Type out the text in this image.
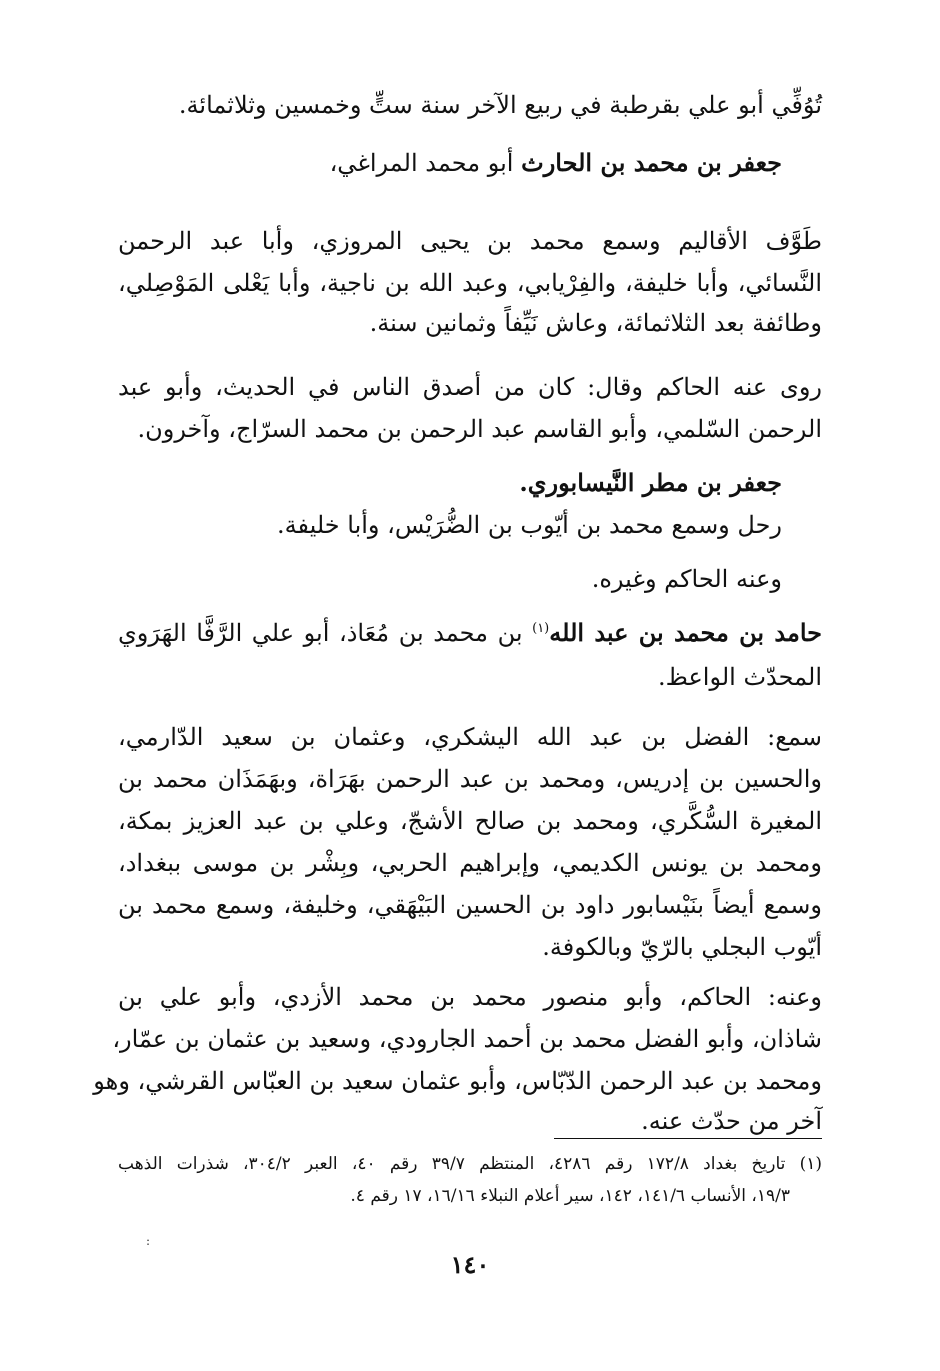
تُوُفِّي أبو علي بقرطبة في ربيع الآخر سنة ستٍّ وخمسين وثلاثمائة.
جعفر بن محمد بن الحارث أبو محمد المراغي،
طَوَّف الأقاليم وسمع محمد بن يحيى المروزي، وأبا عبد الرحمن
النَّسائي، وأبا خليفة، والفِرْيابي، وعبد الله بن ناجية، وأبا يَعْلى المَوْصِلي،
وطائفة بعد الثلاثمائة، وعاش نَيِّفاً وثمانين سنة.
روى عنه الحاكم وقال: كان من أصدق الناس في الحديث، وأبو عبد
الرحمن السّلمي، وأبو القاسم عبد الرحمن بن محمد السرّاج، وآخرون.
جعفر بن مطر النَّيسابوري.
رحل وسمع محمد بن أيّوب بن الضُّرَيْس، وأبا خليفة.
وعنه الحاكم وغيره.
حامد بن محمد بن عبد الله$^{(١)}$ بن محمد بن مُعَاذ، أبو علي الرَّفَّا الهَرَوي
المحدّث الواعظ.
سمع: الفضل بن عبد الله اليشكري، وعثمان بن سعيد الدّارمي،
والحسين بن إدريس، ومحمد بن عبد الرحمن بهَرَاة، وبهَمَذَان محمد بن
المغيرة السُّكَّري، ومحمد بن صالح الأشجّ، وعلي بن عبد العزيز بمكة،
ومحمد بن يونس الكديمي، وإبراهيم الحربي، وبِشْر بن موسى ببغداد،
وسمع أيضاً بنَيْسابور داود بن الحسين البَيْهَقي، وخليفة، وسمع محمد بن
أيّوب البجلي بالرّيّ وبالكوفة.
وعنه: الحاكم، وأبو منصور محمد بن محمد الأزدي، وأبو علي بن
شاذان، وأبو الفضل محمد بن أحمد الجارودي، وسعيد بن عثمان بن عمّار،
ومحمد بن عبد الرحمن الدّبّاس، وأبو عثمان سعيد بن العبّاس القرشي، وهو
آخر من حدّث عنه.
(١) تاريخ بغداد ١٧٢/٨ رقم ٤٢٨٦، المنتظم ٣٩/٧ رقم ٤٠، العبر ٣٠٤/٢، شذرات الذهب
١٩/٣، الأنساب ١٤١/٦، ١٤٢، سير أعلام النبلاء ١٦/١٦، ١٧ رقم ٤.
:
١٤٠
